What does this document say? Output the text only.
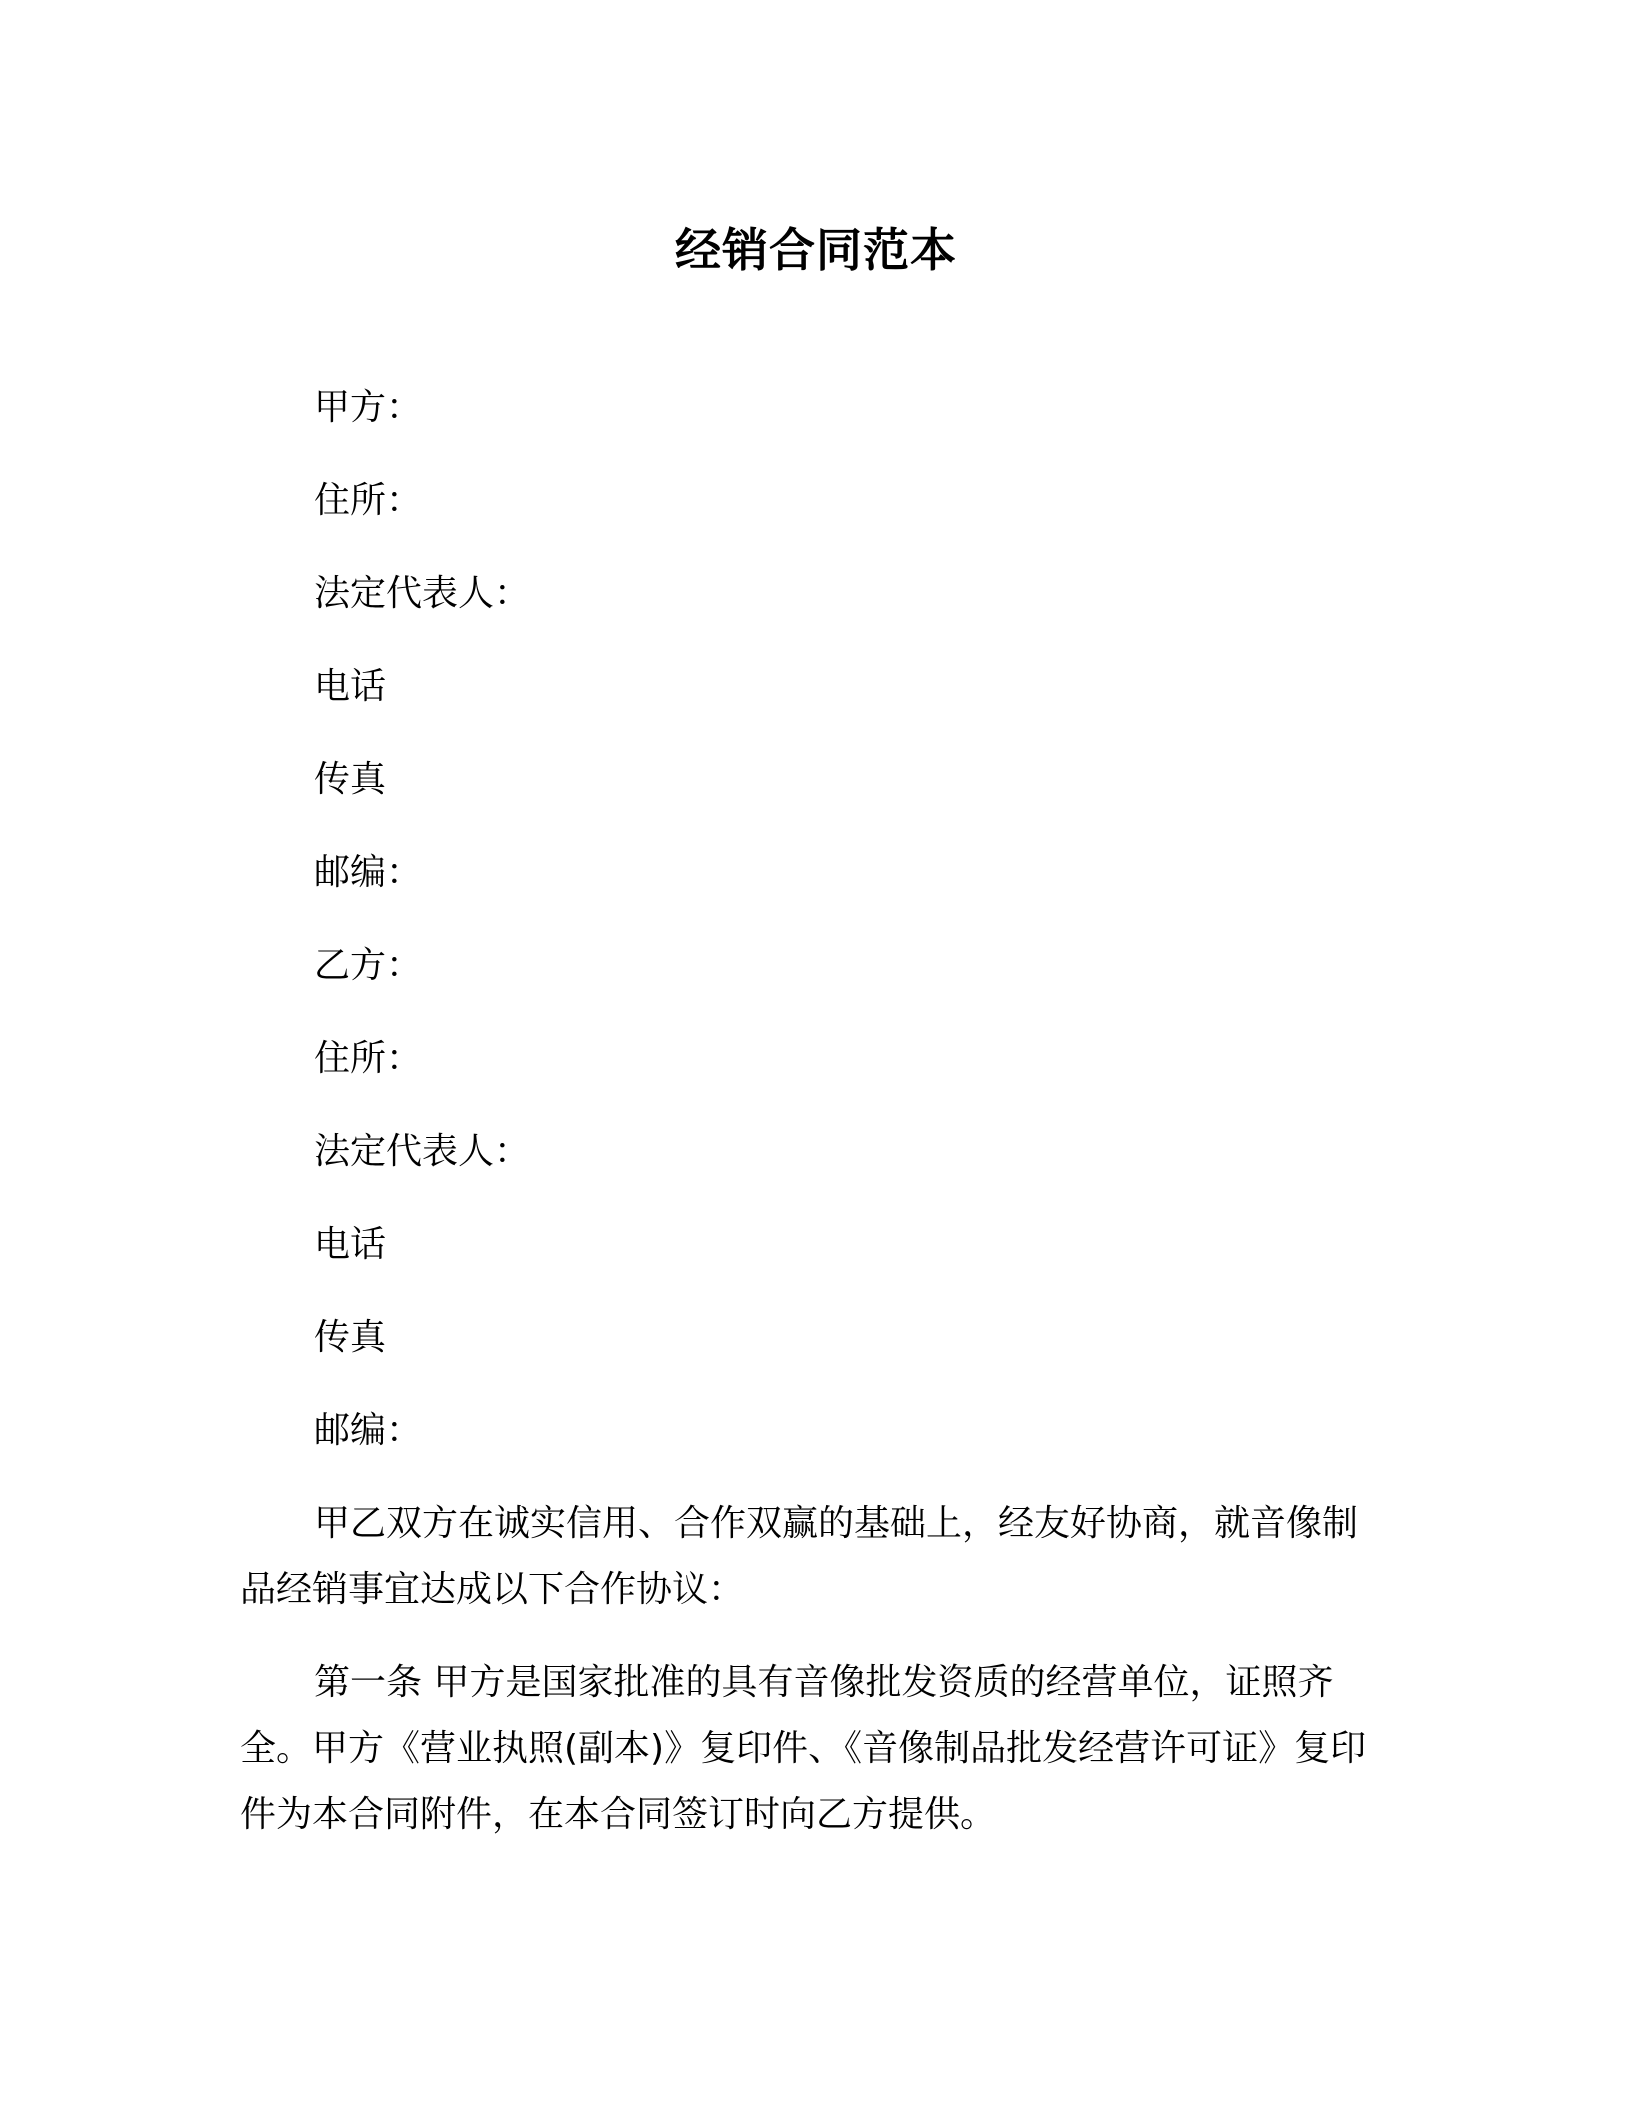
经销合同范本
甲方：
住所：
法定代表人：
电话
传真
邮编：
乙方：
住所：
法定代表人：
电话
传真
邮编：
甲乙双方在诚实信用、合作双赢的基础上，经友好协商，就音像制品经销事宜达成以下合作协议：
第一条 甲方是国家批准的具有音像批发资质的经营单位，证照齐全。甲方《营业执照(副本)》复印件、《音像制品批发经营许可证》复印件为本合同附件，在本合同签订时向乙方提供。
